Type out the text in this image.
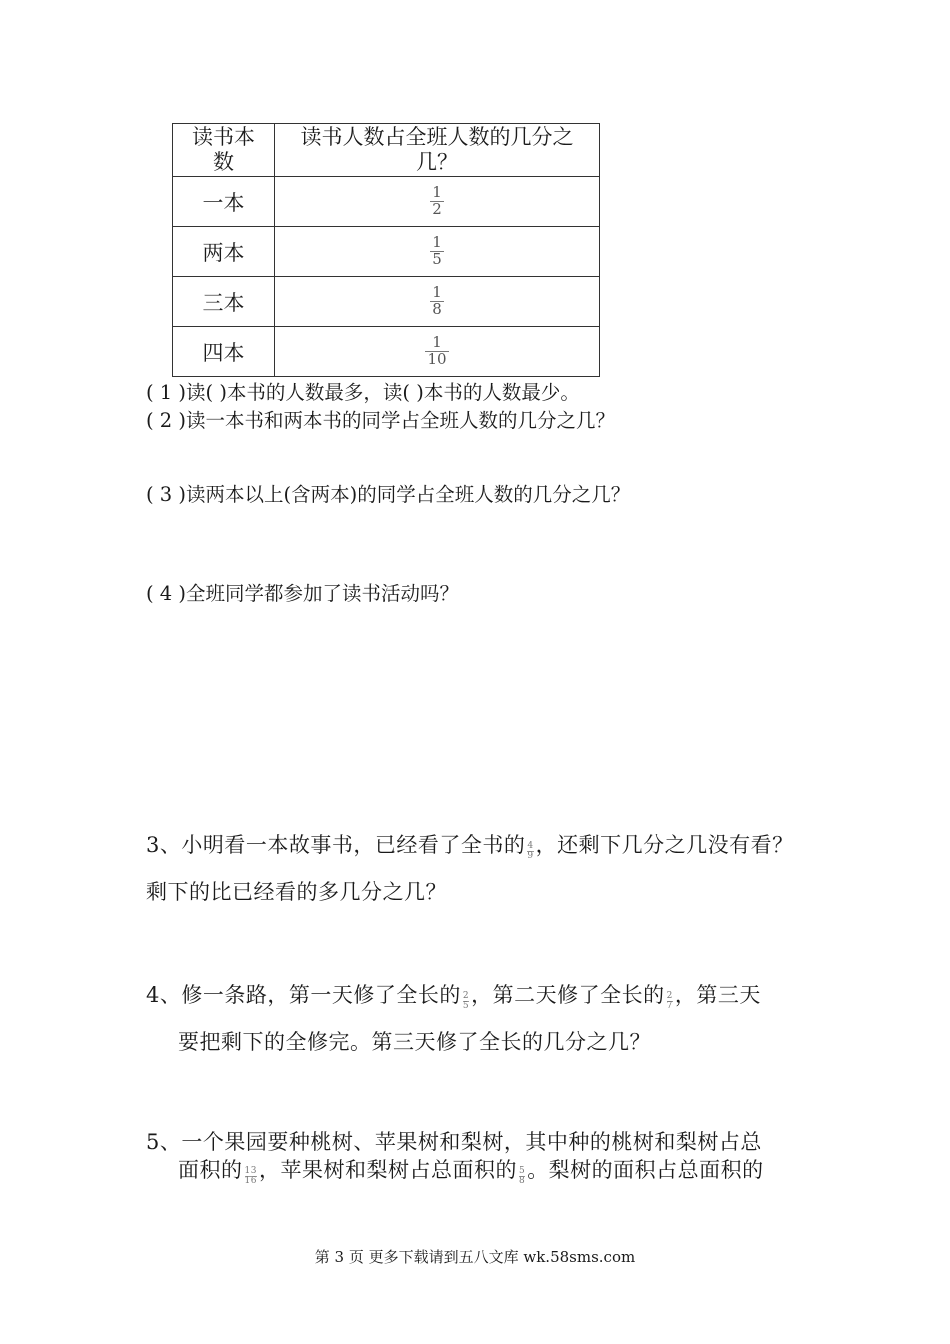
读书本数	读书人数占全班人数的几分之几？

一本	$\frac{1}{2}$

两本	$\frac{1}{5}$

三本	$\frac{1}{8}$

四本	$\frac{1}{10}$
( 1 )读( )本书的人数最多，读( )本书的人数最少。
( 2 )读一本书和两本书的同学占全班人数的几分之几？
( 3 )读两本以上(含两本)的同学占全班人数的几分之几？
( 4 )全班同学都参加了读书活动吗？
3、小明看一本故事书，已经看了全书的 $\frac{4}{9}$ ，还剩下几分之几没有看？
剩下的比已经看的多几分之几？
4、修一条路，第一天修了全长的 $\frac{2}{5}$ ，第二天修了全长的 $\frac{2}{7}$ ，第三天
要把剩下的全修完。第三天修了全长的几分之几？
5、一个果园要种桃树、苹果树和梨树，其中种的桃树和梨树占总
面积的 $\frac{13}{16}$ ，苹果树和梨树占总面积的 $\frac{5}{8}$ 。梨树的面积占总面积的
第 3 页 更多下载请到五八文库 wk.58sms.com
